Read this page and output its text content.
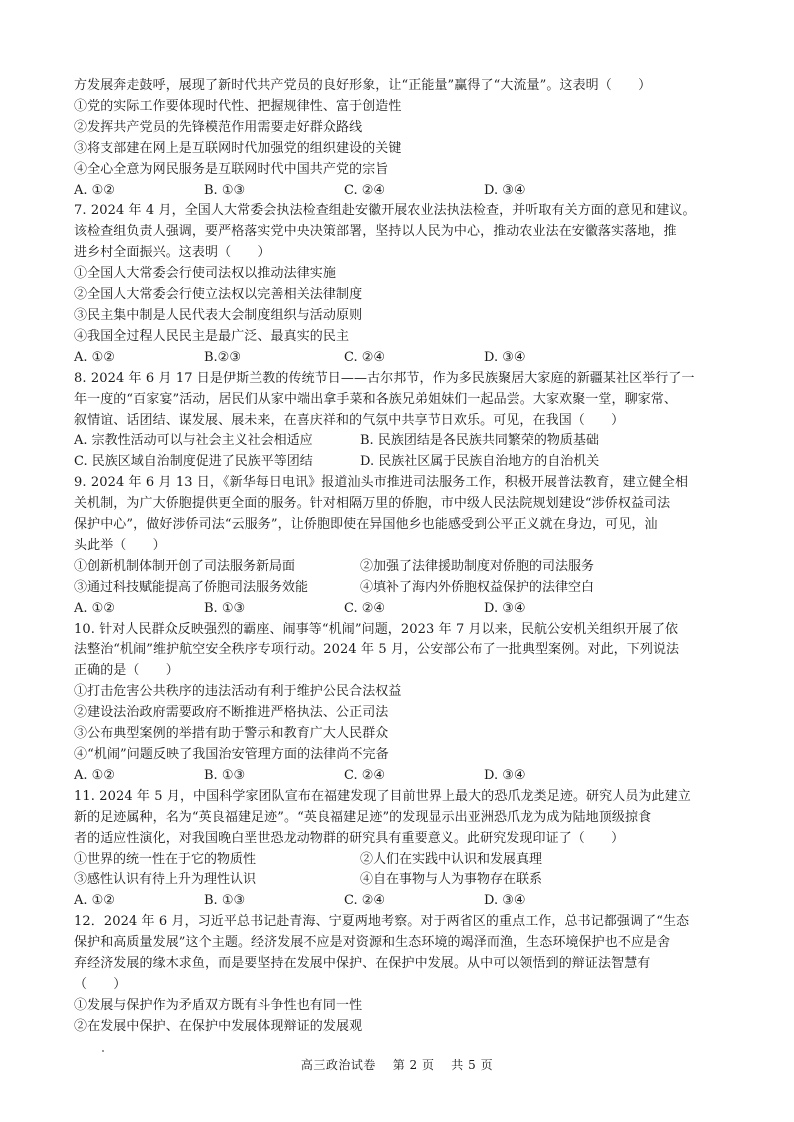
方发展奔走鼓呼，展现了新时代共产党员的良好形象，让“正能量”赢得了“大流量”。这表明（　　）
①党的实际工作要体现时代性、把握规律性、富于创造性
②发挥共产党员的先锋模范作用需要走好群众路线
③将支部建在网上是互联网时代加强党的组织建设的关键
④全心全意为网民服务是互联网时代中国共产党的宗旨
A. ①②	B. ①③	C. ②④	D. ③④
7. 2024 年 4 月，全国人大常委会执法检查组赴安徽开展农业法执法检查，并听取有关方面的意见和建议。
该检查组负责人强调，要严格落实党中央决策部署，坚持以人民为中心，推动农业法在安徽落实落地，推
进乡村全面振兴。这表明（　　）
①全国人大常委会行使司法权以推动法律实施
②全国人大常委会行使立法权以完善相关法律制度
③民主集中制是人民代表大会制度组织与活动原则
④我国全过程人民民主是最广泛、最真实的民主
A. ①②	B.②③	C. ②④	D. ③④
8. 2024 年 6 月 17 日是伊斯兰教的传统节日——古尔邦节，作为多民族聚居大家庭的新疆某社区举行了一
年一度的“百家宴”活动，居民们从家中端出拿手菜和各族兄弟姐妹们一起品尝。大家欢聚一堂，聊家常、
叙情谊、话团结、谋发展、展未来，在喜庆祥和的气氛中共享节日欢乐。可见，在我国（　　）
A. 宗教性活动可以与社会主义社会相适应	B. 民族团结是各民族共同繁荣的物质基础
C. 民族区域自治制度促进了民族平等团结	D. 民族社区属于民族自治地方的自治机关
9. 2024 年 6 月 13 日，《新华每日电讯》报道汕头市推进司法服务工作，积极开展普法教育，建立健全相
关机制，为广大侨胞提供更全面的服务。针对相隔万里的侨胞，市中级人民法院规划建设“涉侨权益司法
保护中心”，做好涉侨司法“云服务”，让侨胞即使在异国他乡也能感受到公平正义就在身边，可见，汕
头此举（　　）
①创新机制体制开创了司法服务新局面	②加强了法律援助制度对侨胞的司法服务
③通过科技赋能提高了侨胞司法服务效能	④填补了海内外侨胞权益保护的法律空白
A. ①②	B. ①③	C. ②④	D. ③④
10. 针对人民群众反映强烈的霸座、闹事等“机闹”问题，2023 年 7 月以来，民航公安机关组织开展了依
法整治“机闹”维护航空安全秩序专项行动。2024 年 5 月，公安部公布了一批典型案例。对此，下列说法
正确的是（　　）
①打击危害公共秩序的违法活动有利于维护公民合法权益
②建设法治政府需要政府不断推进严格执法、公正司法
③公布典型案例的举措有助于警示和教育广大人民群众
④“机闹”问题反映了我国治安管理方面的法律尚不完备
A. ①②	B. ①③	C. ②④	D. ③④
11. 2024 年 5 月，中国科学家团队宣布在福建发现了目前世界上最大的恐爪龙类足迹。研究人员为此建立
新的足迹属种，名为“英良福建足迹”。“英良福建足迹”的发现显示出亚洲恐爪龙为成为陆地顶级掠食
者的适应性演化，对我国晚白垩世恐龙动物群的研究具有重要意义。此研究发现印证了（　　）
①世界的统一性在于它的物质性	②人们在实践中认识和发展真理
③感性认识有待上升为理性认识	④自在事物与人为事物存在联系
A. ①②	B. ①③	C. ②④	D. ③④
12．2024 年 6 月，习近平总书记赴青海、宁夏两地考察。对于两省区的重点工作，总书记都强调了“生态
保护和高质量发展”这个主题。经济发展不应是对资源和生态环境的竭泽而渔，生态环境保护也不应是舍
弃经济发展的缘木求鱼，而是要坚持在发展中保护、在保护中发展。从中可以领悟到的辩证法智慧有
（　　）
①发展与保护作为矛盾双方既有斗争性也有同一性
②在发展中保护、在保护中发展体现辩证的发展观
高三政治试卷　 第 2 页　 共 5 页
